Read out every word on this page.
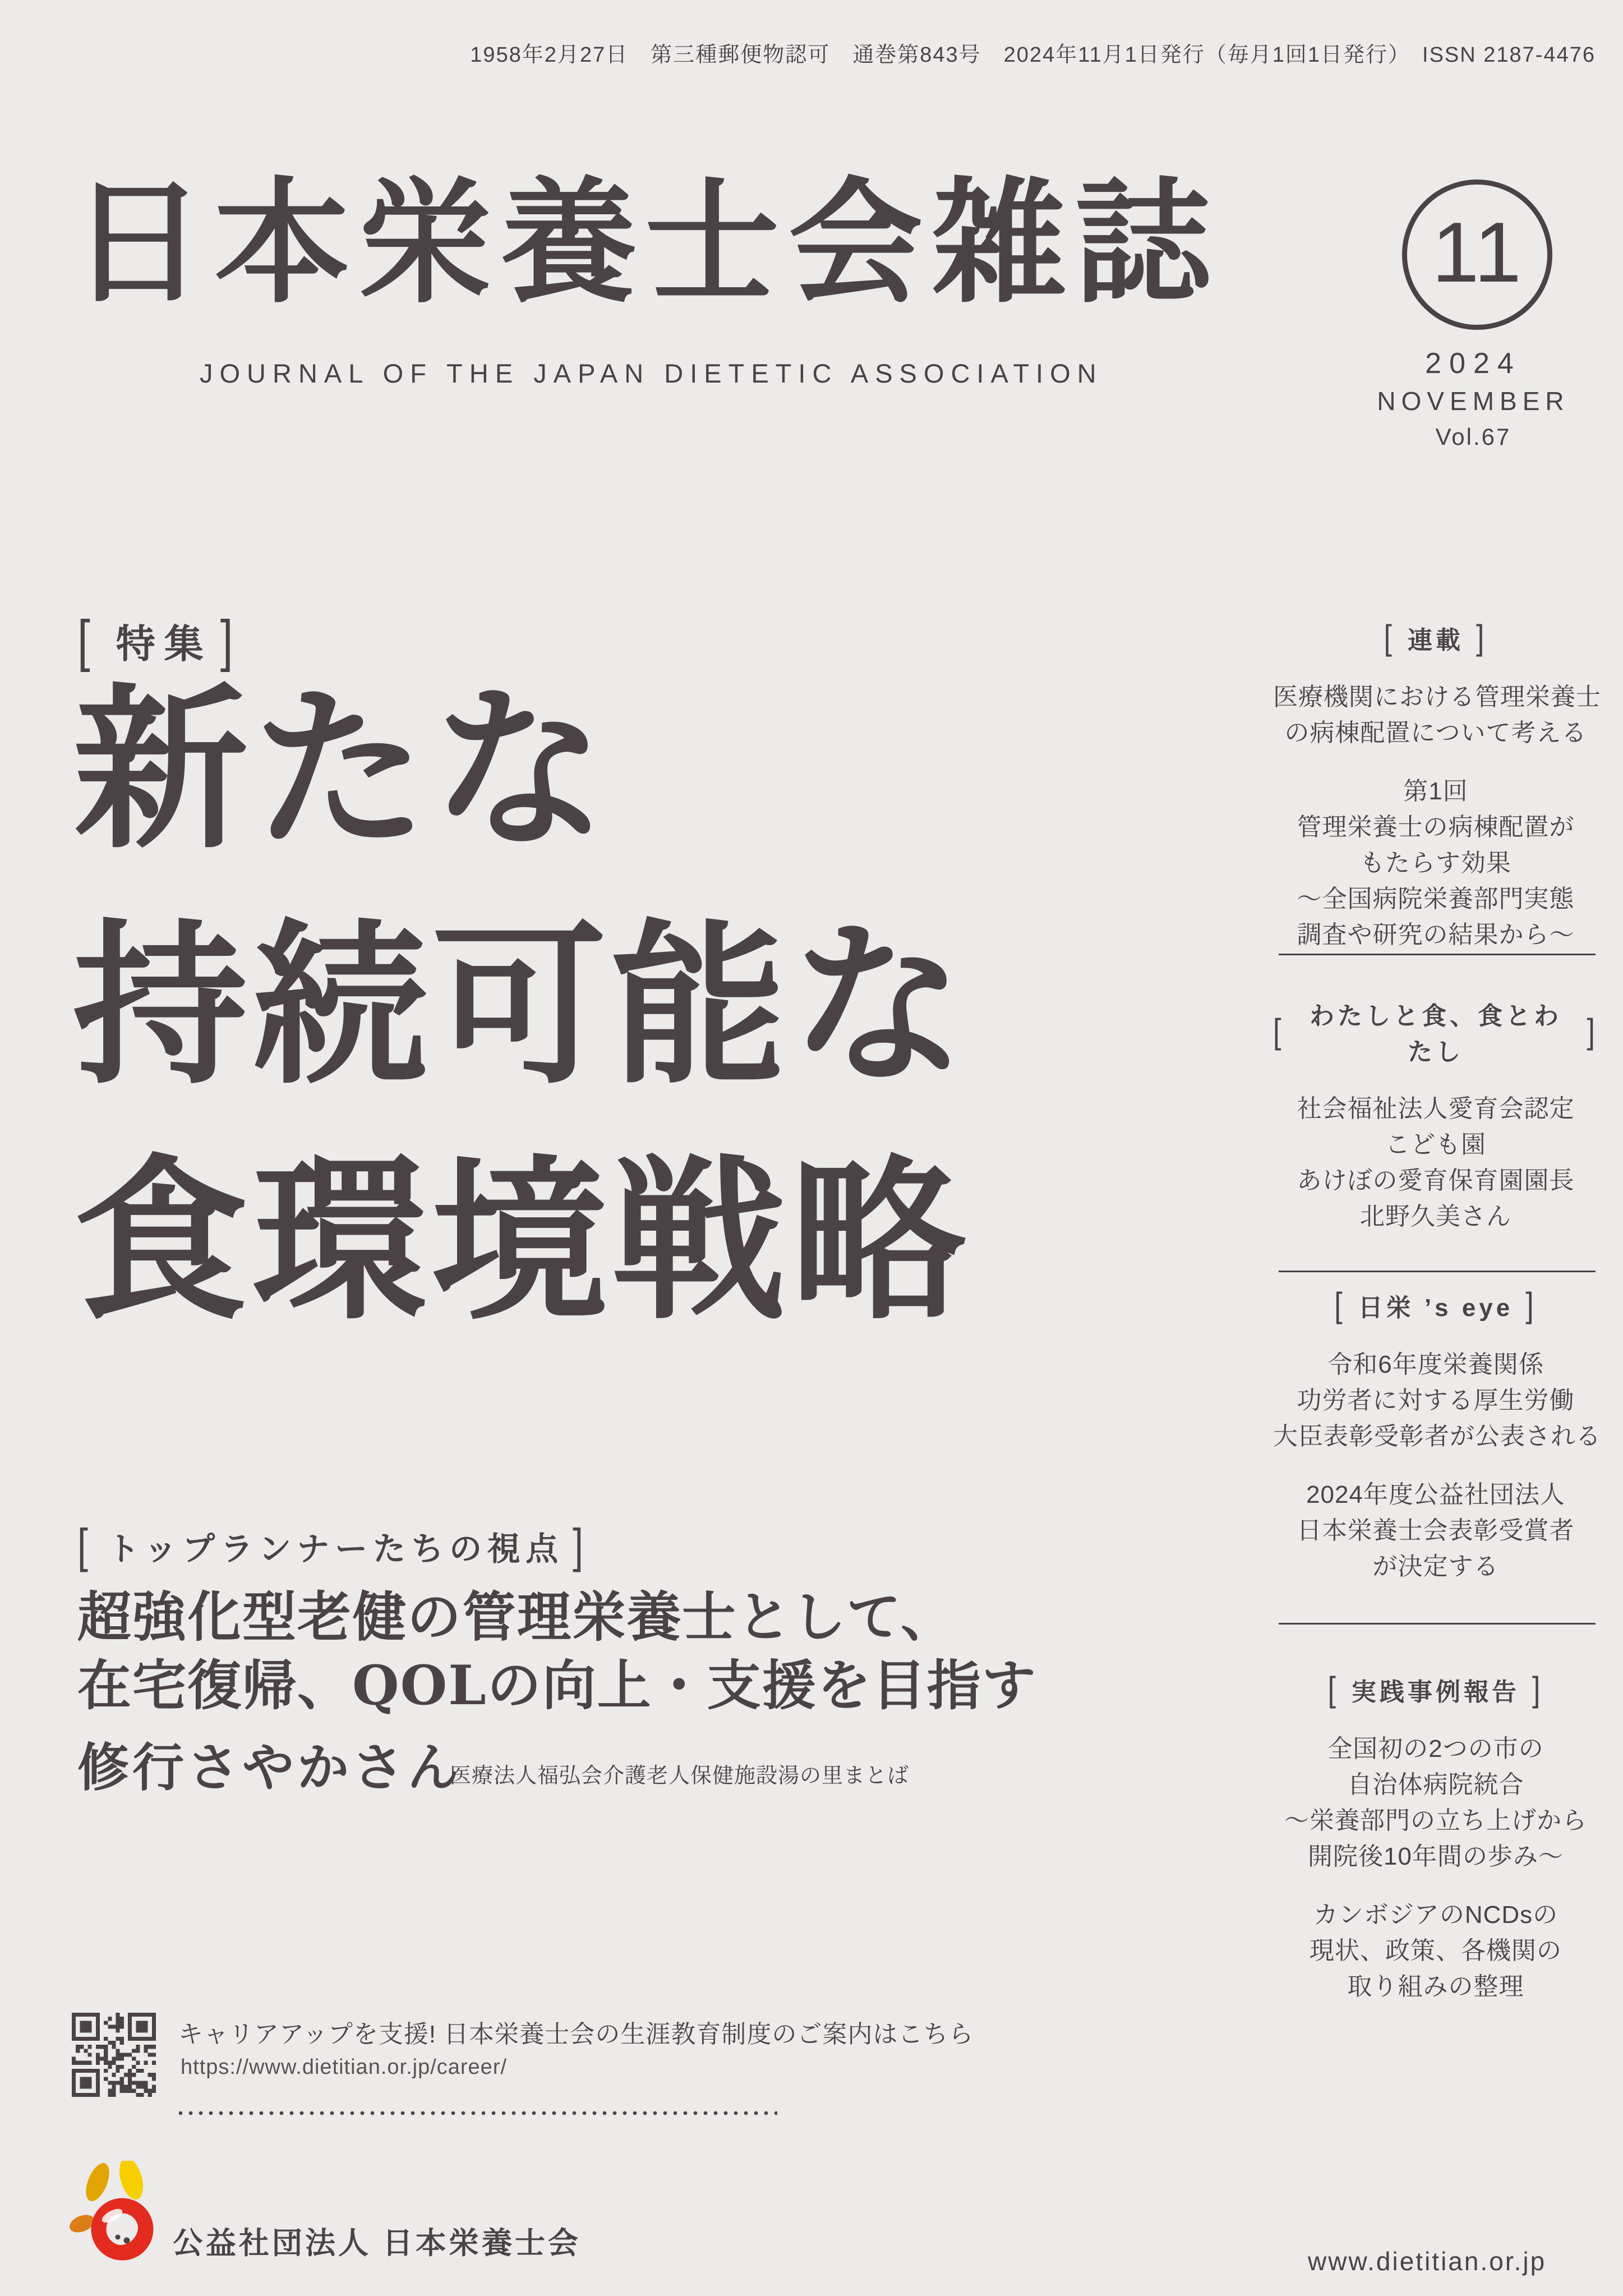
1958年2月27日　第三種郵便物認可　通巻第843号　2024年11月1日発行（毎月1回1日発行）　ISSN 2187-4476
日本栄養士会雑誌
JOURNAL OF THE JAPAN DIETETIC ASSOCIATION
11
2024
NOVEMBER
Vol.67
[ 特集 ]
新たな
持続可能な
食環境戦略
[ トップランナーたちの視点 ]
超強化型老健の管理栄養士として、
在宅復帰、QOLの向上・支援を目指す
修行さやかさん
医療法人福弘会介護老人保健施設湯の里まとば
[ 連載 ]
医療機関における管理栄養士
の病棟配置について考える
第1回
管理栄養士の病棟配置が
もたらす効果
〜全国病院栄養部門実態
調査や研究の結果から〜
[	わたしと食、食とわたし
]
社会福祉法人愛育会認定
こども園
あけぼの愛育保育園園長
北野久美さん
[ 日栄 ’s eye ]
令和6年度栄養関係
功労者に対する厚生労働
大臣表彰受彰者が公表される
2024年度公益社団法人
日本栄養士会表彰受賞者
が決定する
[ 実践事例報告 ]
全国初の2つの市の
自治体病院統合
〜栄養部門の立ち上げから
開院後10年間の歩み〜
カンボジアのNCDsの
現状、政策、各機関の
取り組みの整理
キャリアアップを支援! 日本栄養士会の生涯教育制度のご案内はこちら
https://www.dietitian.or.jp/career/
公益社団法人 日本栄養士会
www.dietitian.or.jp
